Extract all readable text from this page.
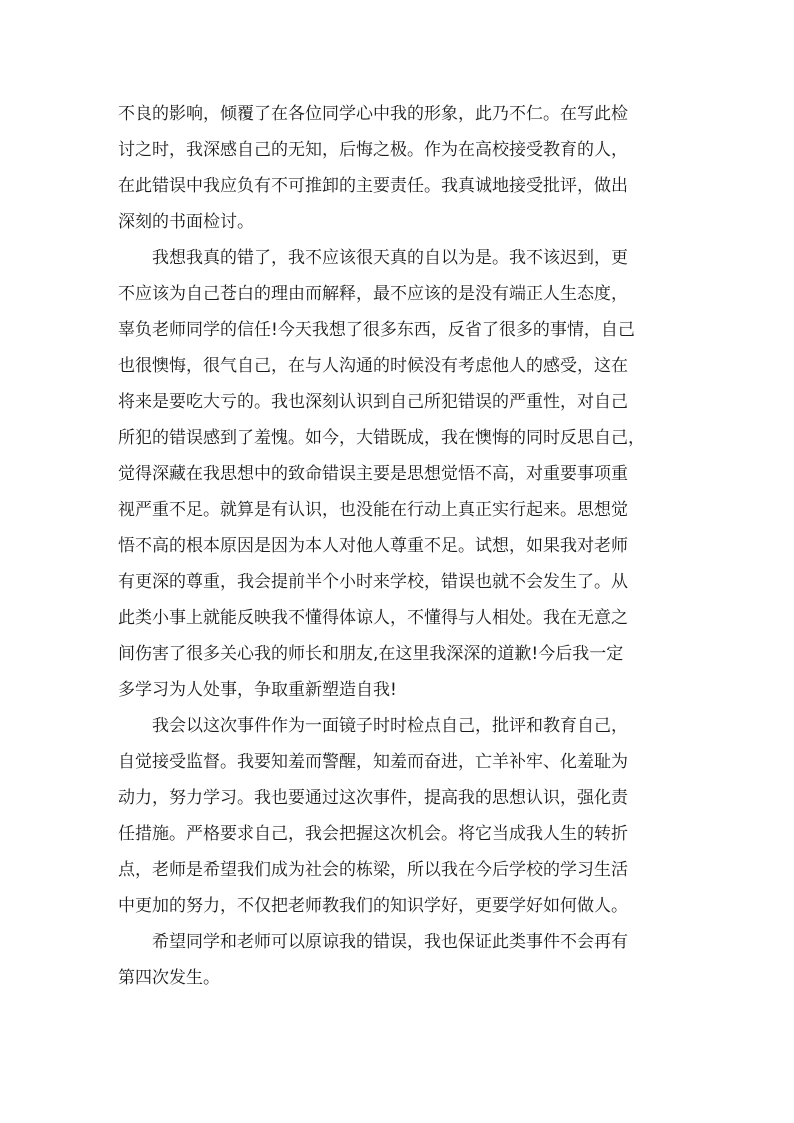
不良的影响，倾覆了在各位同学心中我的形象，此乃不仁。在写此检
讨之时，我深感自己的无知，后悔之极。作为在高校接受教育的人，
在此错误中我应负有不可推卸的主要责任。我真诚地接受批评，做出
深刻的书面检讨。
我想我真的错了，我不应该很天真的自以为是。我不该迟到，更
不应该为自己苍白的理由而解释，最不应该的是没有端正人生态度，
辜负老师同学的信任!今天我想了很多东西，反省了很多的事情，自己
也很懊悔，很气自己，在与人沟通的时候没有考虑他人的感受，这在
将来是要吃大亏的。我也深刻认识到自己所犯错误的严重性，对自己
所犯的错误感到了羞愧。如今，大错既成，我在懊悔的同时反思自己，
觉得深藏在我思想中的致命错误主要是思想觉悟不高，对重要事项重
视严重不足。就算是有认识，也没能在行动上真正实行起来。思想觉
悟不高的根本原因是因为本人对他人尊重不足。试想，如果我对老师
有更深的尊重，我会提前半个小时来学校，错误也就不会发生了。从
此类小事上就能反映我不懂得体谅人，不懂得与人相处。我在无意之
间伤害了很多关心我的师长和朋友,在这里我深深的道歉!今后我一定
多学习为人处事，争取重新塑造自我!
我会以这次事件作为一面镜子时时检点自己，批评和教育自己，
自觉接受监督。我要知羞而警醒，知羞而奋进，亡羊补牢、化羞耻为
动力，努力学习。我也要通过这次事件，提高我的思想认识，强化责
任措施。严格要求自己，我会把握这次机会。将它当成我人生的转折
点，老师是希望我们成为社会的栋梁，所以我在今后学校的学习生活
中更加的努力，不仅把老师教我们的知识学好，更要学好如何做人。
希望同学和老师可以原谅我的错误，我也保证此类事件不会再有
第四次发生。
